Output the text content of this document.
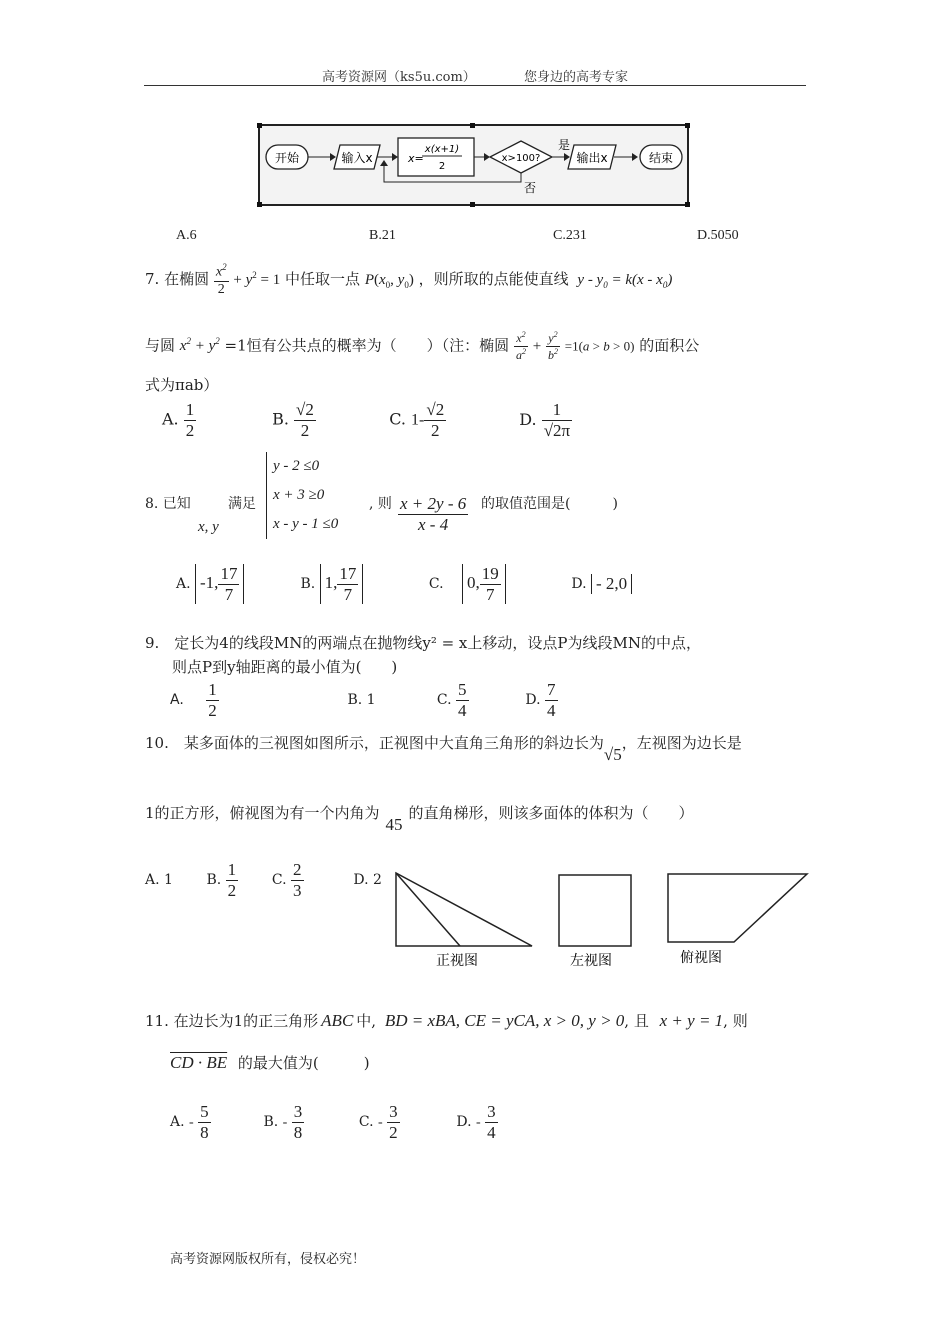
高考资源网（ks5u.com）	您身边的高考专家
开始	输入x	x=
x(x+1)
2
x>100?
是
输出x	结束
否
A.6	B.21	C.231	D.5050
7. 在椭圆 $\frac{x^2}{2} + y^2 = 1$ 中任取一点 $P(x_0$, $y_0$) ，则所取的点能使直线 $y - y_0 = k(x - x_0)$
与圆 $x^2 + y^2 =1$恒有公共点的概率为（　　）（注：椭圆 $\frac{x^2}{a^2} + \frac{y^2}{b^2} =1(a > b > 0)$ 的面积公
式为πab）
A. $\frac{1}{2}$	B. $\frac{√2}{2}$	C. $1- \frac{√2}{2}$	D. $\frac{1}{√2\pi}$
8. 已知
x, y
满足
y - 2 ≤0
x + 3 ≥0
x - y - 1 ≤0
, 则 $\frac{x + 2y - 6}{x - 4}$ 的取值范围是(　　　)
A. -1, $\frac{17}{7}$	B. 1, $\frac{17}{7}$	C. 0, $\frac{19}{7}$	D. - 2,0
9.　定长为4的线段MN的两端点在抛物线y² = x上移动，设点P为线段MN的中点，
则点P到y轴距离的最小值为(　　)
A. $\frac{1}{2}$	B. 1	C. $\frac{5}{4}$	D. $\frac{7}{4}$
10.　某多面体的三视图如图所示，正视图中大直角三角形的斜边长为√5，左视图为边长是
1的正方形，俯视图为有一个内角为45的直角梯形，则该多面体的体积为（　　）
A. 1 B. $\frac{1}{2} C$. $\frac{2}{3}$	D. 2
正视图	左视图	俯视图
11. 在边长为1的正三角形 ABC 中, BD = xBA, CE = yCA, x > 0, y > 0, 且 x + y = 1, 则
CD · BE 的最大值为(　　　)
A. - $\frac{5}{8}$	B. - $\frac{3}{8}$	C. - $\frac{3}{2}$	D. - $\frac{3}{4}$
高考资源网版权所有，侵权必究！
